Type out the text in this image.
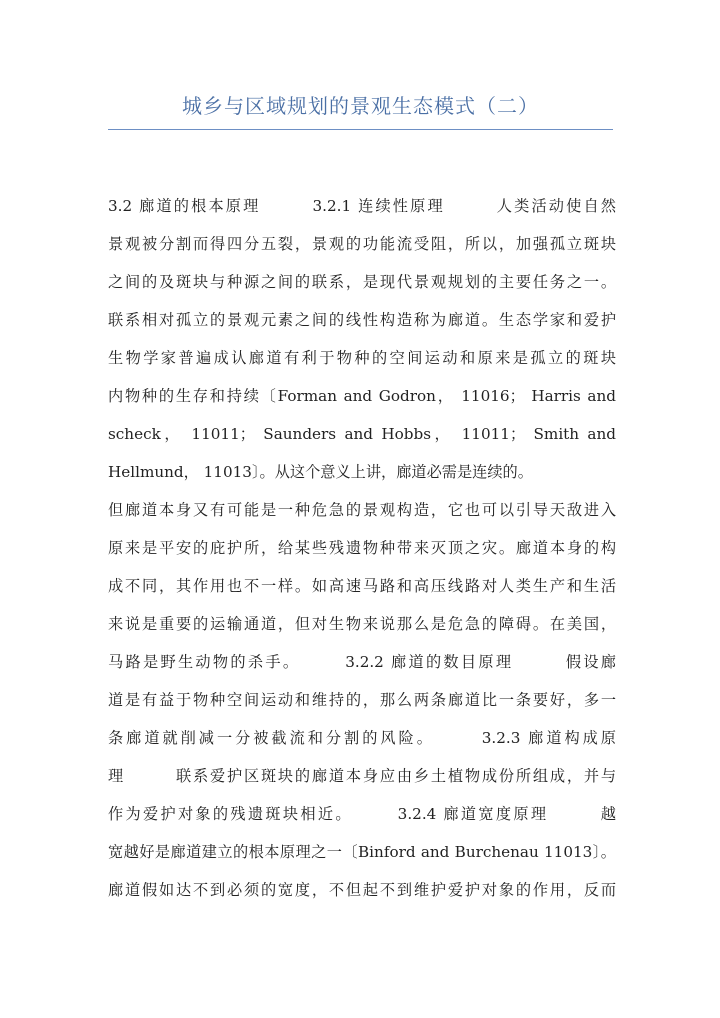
城乡与区域规划的景观生态模式（二）
3.2 廊道的根本原理　　　3.2.1 连续性原理　　　人类活动使自然
景观被分割而得四分五裂，景观的功能流受阻，所以，加强孤立斑块
之间的及斑块与种源之间的联系，是现代景观规划的主要任务之一。
联系相对孤立的景观元素之间的线性构造称为廊道。生态学家和爱护
生物学家普遍成认廊道有利于物种的空间运动和原来是孤立的斑块
内物种的生存和持续〔Forman and Godron， 11016； Harris and
scheck， 11011； Saunders and Hobbs， 11011； Smith and
Hellmund， 11013〕。从这个意义上讲，廊道必需是连续的。
但廊道本身又有可能是一种危急的景观构造，它也可以引导天敌进入
原来是平安的庇护所，给某些残遗物种带来灭顶之灾。廊道本身的构
成不同，其作用也不一样。如高速马路和高压线路对人类生产和生活
来说是重要的运输通道，但对生物来说那么是危急的障碍。在美国，
马路是野生动物的杀手。　　　3.2.2 廊道的数目原理　　　假设廊
道是有益于物种空间运动和维持的，那么两条廊道比一条要好，多一
条廊道就削减一分被截流和分割的风险。　　　3.2.3 廊道构成原
理　　　联系爱护区斑块的廊道本身应由乡土植物成份所组成，并与
作为爱护对象的残遗斑块相近。　　　3.2.4 廊道宽度原理　　　越
宽越好是廊道建立的根本原理之一〔Binford and Burchenau 11013〕。
廊道假如达不到必须的宽度，不但起不到维护爱护对象的作用，反而
